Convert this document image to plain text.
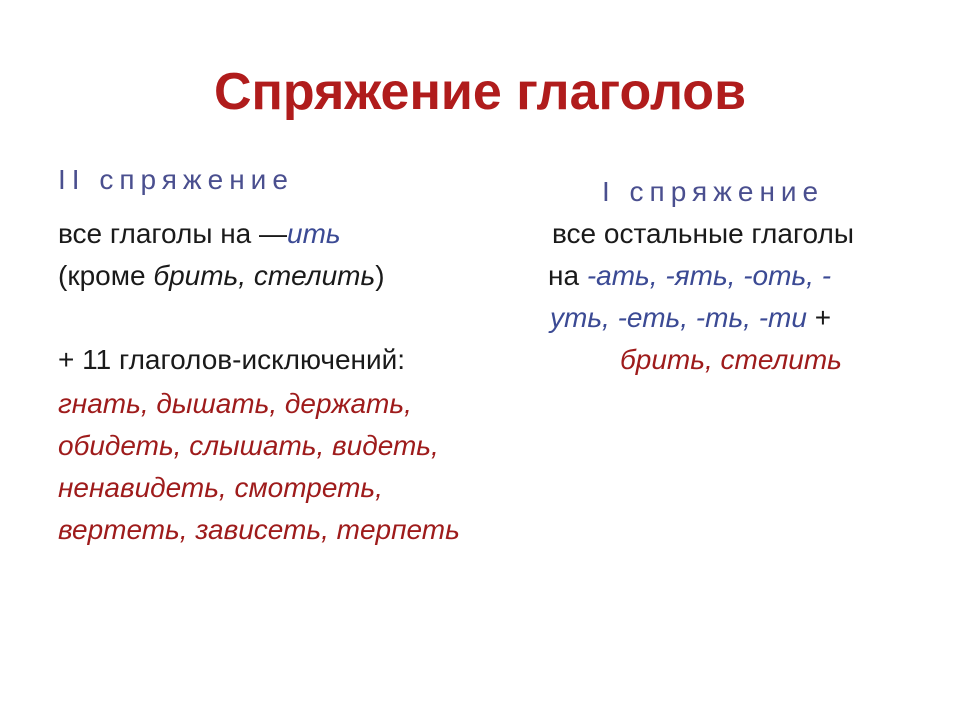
Спряжение глаголов
II спряжение
все глаголы на —ить
(кроме брить, стелить)
+ 11 глаголов-исключений:
гнать, дышать, держать,
обидеть, слышать, видеть,
ненавидеть, смотреть,
вертеть, зависеть, терпеть
I спряжение
все остальные глаголы
на -ать, -ять, -оть, -
уть, -еть, -ть, -ти +
брить, стелить
